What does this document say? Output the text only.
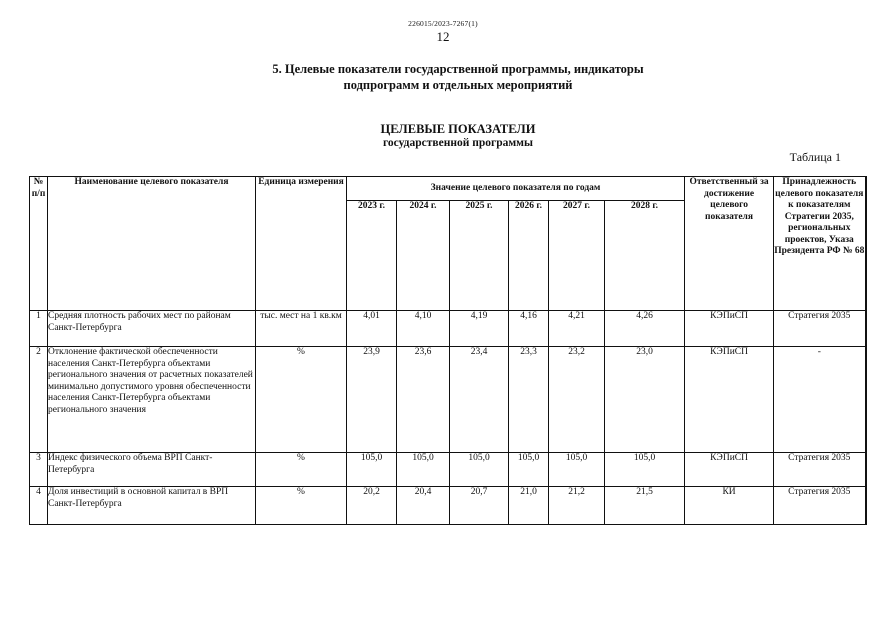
226015/2023-7267(1)
12
5. Целевые показатели государственной программы, индикаторы
подпрограмм и отдельных мероприятий
ЦЕЛЕВЫЕ ПОКАЗАТЕЛИ
государственной программы
Таблица 1
№ п/п	Наименование целевого показателя	Единица измерения	Значение целевого показателя по годам						Ответственный за достижение целевого показателя	Принадлежность целевого показателя к показателям Стратегии 2035, региональных проектов, Указа Президента РФ № 68
			2023 г.	2024 г.	2025 г.	2026 г.	2027 г.	2028 г.		
1	Средняя плотность рабочих мест по районам Санкт-Петербурга	тыс. мест на 1 кв.км	4,01	4,10	4,19	4,16	4,21	4,26	КЭПиСП	Стратегия 2035
2	Отклонение фактической обеспеченности населения Санкт-Петербурга объектами регионального значения от расчетных показателей минимально допустимого уровня обеспеченности населения Санкт-Петербурга объектами регионального значения	%	23,9	23,6	23,4	23,3	23,2	23,0	КЭПиСП	-
3	Индекс физического объема ВРП Санкт-Петербурга	%	105,0	105,0	105,0	105,0	105,0	105,0	КЭПиСП	Стратегия 2035
4	Доля инвестиций в основной капитал в ВРП Санкт-Петербурга	%	20,2	20,4	20,7	21,0	21,2	21,5	КИ	Стратегия 2035
